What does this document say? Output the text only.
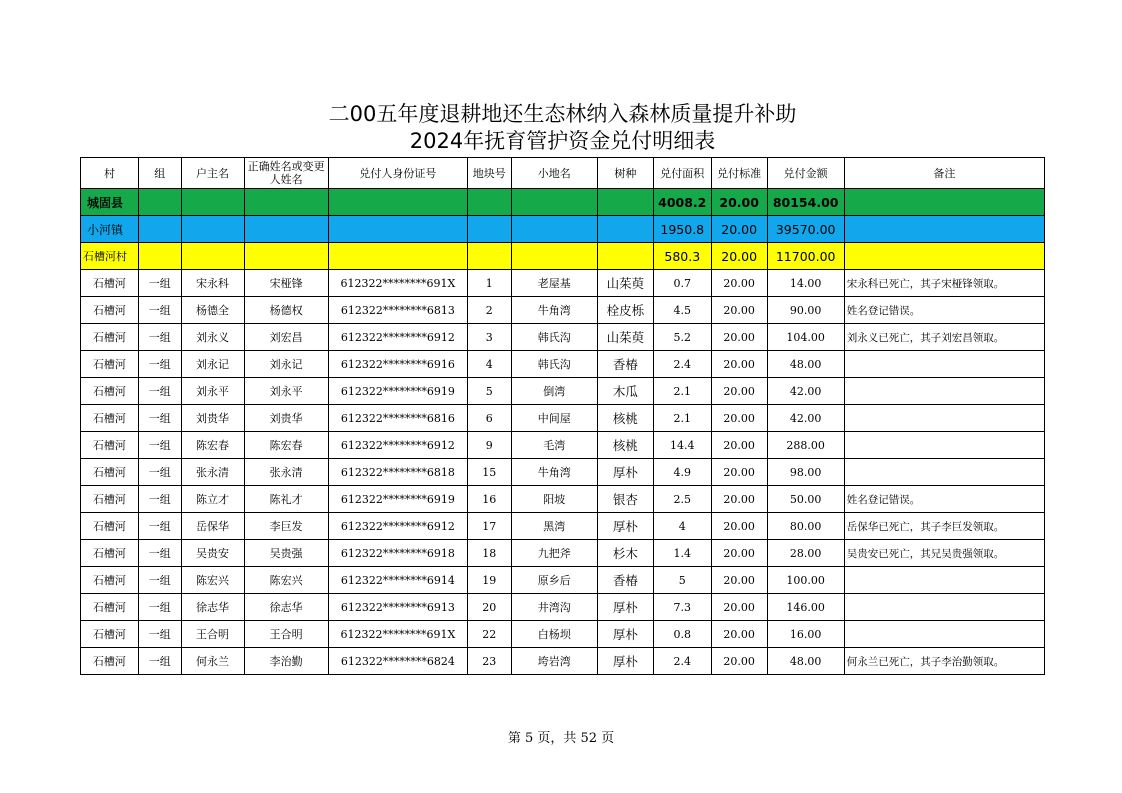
二00五年度退耕地还生态林纳入森林质量提升补助
2024年抚育管护资金兑付明细表
村	组	户主名	正确姓名或变更人姓名	兑付人身份证号	地块号	小地名	树种	兑付面积	兑付标准	兑付金额	备注
城固县								4008.2	20.00	80154.00	
小河镇								1950.8	20.00	39570.00	
石槽河村								580.3	20.00	11700.00	
石槽河	一组	宋永科	宋桠锋	612322********691X	1	老屋基	山茱萸	0.7	20.00	14.00	宋永科已死亡，其子宋桠锋领取。
石槽河	一组	杨德全	杨德权	612322********6813	2	牛角湾	栓皮栎	4.5	20.00	90.00	姓名登记错误。
石槽河	一组	刘永义	刘宏昌	612322********6912	3	韩氏沟	山茱萸	5.2	20.00	104.00	刘永义已死亡，其子刘宏昌领取。
石槽河	一组	刘永记	刘永记	612322********6916	4	韩氏沟	香椿	2.4	20.00	48.00	
石槽河	一组	刘永平	刘永平	612322********6919	5	倒湾	木瓜	2.1	20.00	42.00	
石槽河	一组	刘贵华	刘贵华	612322********6816	6	中间屋	核桃	2.1	20.00	42.00	
石槽河	一组	陈宏春	陈宏春	612322********6912	9	毛湾	核桃	14.4	20.00	288.00	
石槽河	一组	张永清	张永清	612322********6818	15	牛角湾	厚朴	4.9	20.00	98.00	
石槽河	一组	陈立才	陈礼才	612322********6919	16	阳坡	银杏	2.5	20.00	50.00	姓名登记错误。
石槽河	一组	岳保华	李巨发	612322********6912	17	黑湾	厚朴	4	20.00	80.00	岳保华已死亡，其子李巨发领取。
石槽河	一组	吴贵安	吴贵强	612322********6918	18	九把斧	杉木	1.4	20.00	28.00	吴贵安已死亡，其兄吴贵强领取。
石槽河	一组	陈宏兴	陈宏兴	612322********6914	19	原乡后	香椿	5	20.00	100.00	
石槽河	一组	徐志华	徐志华	612322********6913	20	井湾沟	厚朴	7.3	20.00	146.00	
石槽河	一组	王合明	王合明	612322********691X	22	白杨坝	厚朴	0.8	20.00	16.00	
石槽河	一组	何永兰	李治勤	612322********6824	23	垮岩湾	厚朴	2.4	20.00	48.00	何永兰已死亡，其子李治勤领取。
第 5 页，共 52 页
